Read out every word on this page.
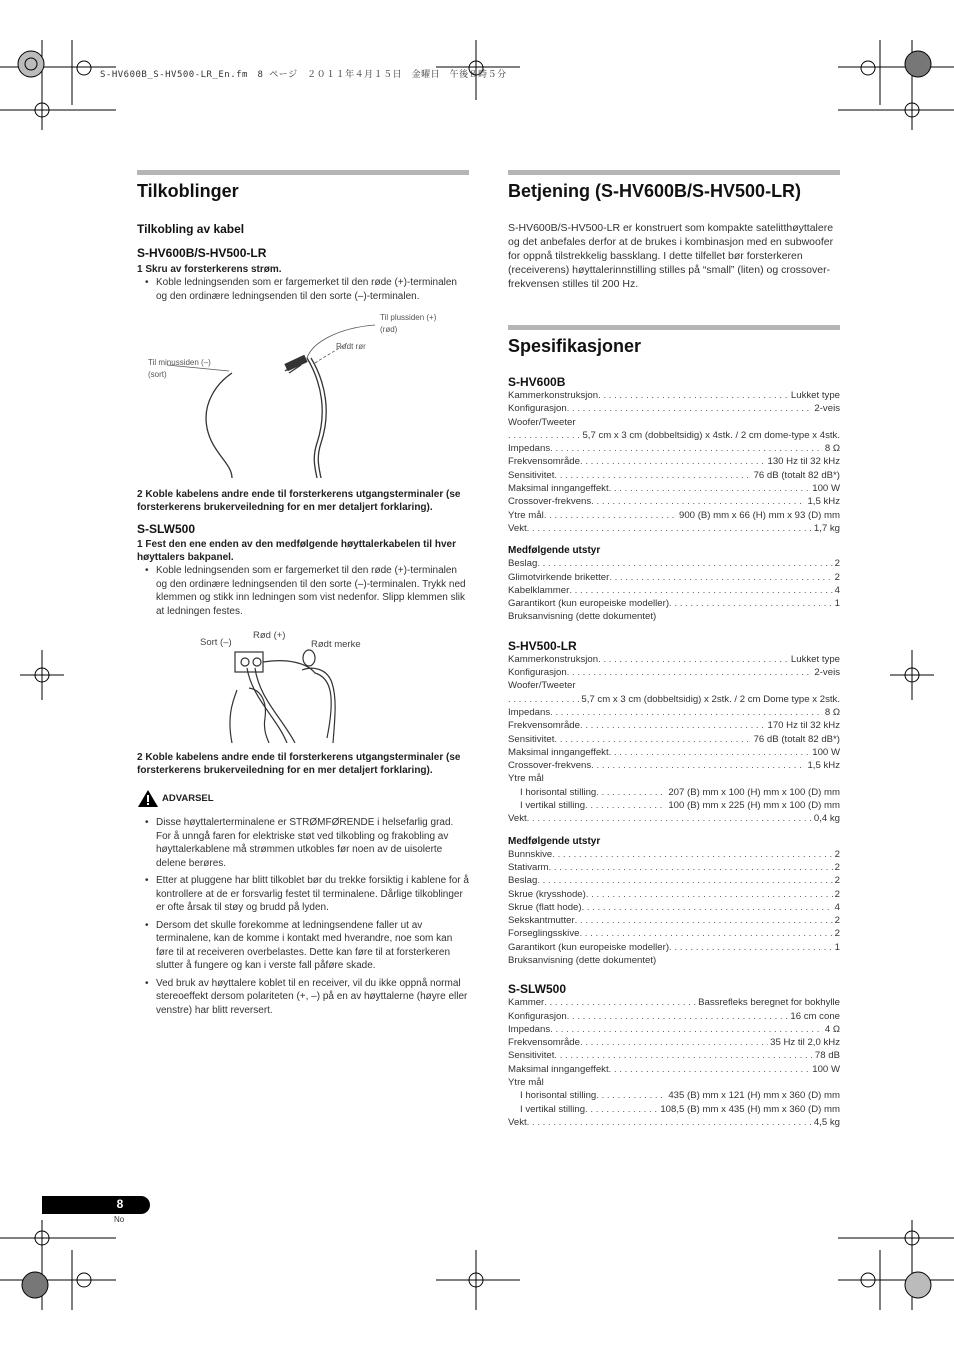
S-HV600B_S-HV500-LR_En.fm　8 ページ　２０１１年４月１５日　金曜日　午後８時５分
Tilkoblinger
Tilkobling av kabel
S-HV600B/S-HV500-LR
1 Skru av forsterkerens strøm.
• Koble ledningsenden som er fargemerket til den røde (+)-terminalen og den ordinære ledningsenden til den sorte (–)-terminalen.
Til plussiden (+)
(rød)
Rødt rør
Til minussiden (–)
(sort)
2 Koble kabelens andre ende til forsterkerens utgangsterminaler (se forsterkerens brukerveiledning for en mer detaljert forklaring).
S-SLW500
1 Fest den ene enden av den medfølgende høyttalerkabelen til hver høyttalers bakpanel.
• Koble ledningsenden som er fargemerket til den røde (+)-terminalen og den ordinære ledningsenden til den sorte (–)-terminalen. Trykk ned klemmen og stikk inn ledningen som vist nedenfor. Slipp klemmen slik at ledningen festes.
Sort (–)
Rød (+)
Rødt merke
2 Koble kabelens andre ende til forsterkerens utgangsterminaler (se forsterkerens brukerveiledning for en mer detaljert forklaring).
ADVARSEL
• Disse høyttalerterminalene er STRØMFØRENDE i helsefarlig grad. For å unngå faren for elektriske støt ved tilkobling og frakobling av høyttalerkablene må strømmen utkobles før noen av de uisolerte delene berøres.
• Etter at pluggene har blitt tilkoblet bør du trekke forsiktig i kablene for å kontrollere at de er forsvarlig festet til terminalene. Dårlige tilkoblinger er ofte årsak til støy og brudd på lyden.
• Dersom det skulle forekomme at ledningsendene faller ut av terminalene, kan de komme i kontakt med hverandre, noe som kan føre til at receiveren overbelastes. Dette kan føre til at forsterkeren slutter å fungere og kan i verste fall påføre skade.
• Ved bruk av høyttalere koblet til en receiver, vil du ikke oppnå normal stereoeffekt dersom polariteten (+, –) på en av høyttalerne (høyre eller venstre) har blitt reversert.
Betjening (S-HV600B/S-HV500-LR)
S-HV600B/S-HV500-LR er konstruert som kompakte satelitthøyttalere og det anbefales derfor at de brukes i kombinasjon med en subwoofer for oppnå tilstrekkelig bassklang. I dette tilfellet bør forsterkeren (receiverens) høyttalerinnstilling stilles på “small” (liten) og crossover-frekvensen stilles til 200 Hz.
Spesifikasjoner
S-HV600B
Kammerkonstruksjon . . .	Lukket type
Konfigurasjon . . .	2-veis
Woofer/Tweeter
. . .
5,7 cm x 3 cm (dobbeltsidig) x 4stk. / 2 cm dome-type x 4stk.
Impedans . . .	8 Ω
Frekvensområde . . .	130 Hz til 32 kHz
Sensitivitet . . .	76 dB (totalt 82 dB*)
Maksimal inngangeffekt . . .	100 W
Crossover-frekvens . . .	1,5 kHz
Ytre mål . . .	900 (B) mm x 66 (H) mm x 93 (D) mm
Vekt . . .	1,7 kg
Medfølgende utstyr
Beslag . . .	2
Glimotvirkende briketter . . .	2
Kabelklammer . . .	4
Garantikort (kun europeiske modeller) . . .	1
Bruksanvisning (dette dokumentet)
S-HV500-LR
Kammerkonstruksjon . . .	Lukket type
Konfigurasjon . . .	2-veis
Woofer/Tweeter
. . .
5,7 cm x 3 cm (dobbeltsidig) x 2stk. / 2 cm Dome type x 2stk.
Impedans . . .	8 Ω
Frekvensområde . . .	170 Hz til 32 kHz
Sensitivitet . . .	76 dB (totalt 82 dB*)
Maksimal inngangeffekt . . .	100 W
Crossover-frekvens . . .	1,5 kHz
Ytre mål
I horisontal stilling . . .	207 (B) mm x 100 (H) mm x 100 (D) mm
I vertikal stilling . . .	100 (B) mm x 225 (H) mm x 100 (D) mm
Vekt . . .	0,4 kg
Medfølgende utstyr
Bunnskive . . .	2
Stativarm . . .	2
Beslag . . .	2
Skrue (krysshode) . . .	2
Skrue (flatt hode) . . .	4
Sekskantmutter . . .	2
Forseglingsskive . . .	2
Garantikort (kun europeiske modeller) . . .	1
Bruksanvisning (dette dokumentet)
S-SLW500
Kammer . . .	Bassrefleks beregnet for bokhylle
Konfigurasjon . . .	16 cm cone
Impedans . . .	4 Ω
Frekvensområde . . .	35 Hz til 2,0 kHz
Sensitivitet . . .	78 dB
Maksimal inngangeffekt . . .	100 W
Ytre mål
I horisontal stilling . . .	435 (B) mm x 121 (H) mm x 360 (D) mm
I vertikal stilling . . .	108,5 (B) mm x 435 (H) mm x 360 (D) mm
Vekt . . .	4,5 kg
8
No
